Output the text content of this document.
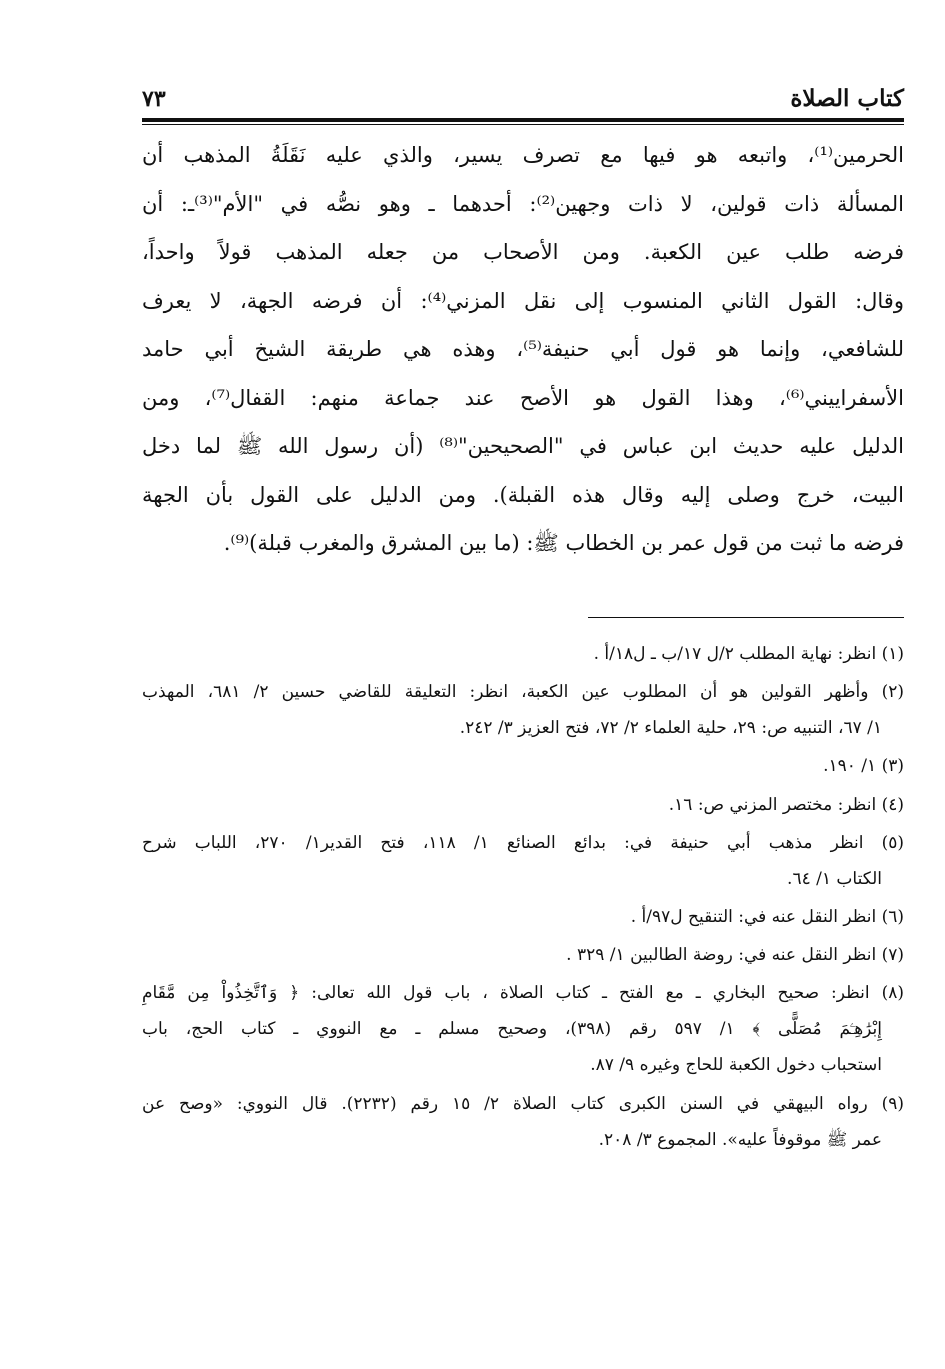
كتاب الصلاة
٧٣
الحرمين⁽¹⁾، واتبعه هو فيها مع تصرف يسير، والذي عليه نَقَلَةُ المذهب أن
المسألة ذات قولين، لا ذات وجهين⁽²⁾: أحدهما ـ وهو نصُّه في "الأم"⁽³⁾ـ: أن
فرضه طلب عين الكعبة. ومن الأصحاب من جعله المذهب قولاً واحداً،
وقال: القول الثاني المنسوب إلى نقل المزني⁽⁴⁾: أن فرضه الجهة، لا يعرف
للشافعي، وإنما هو قول أبي حنيفة⁽⁵⁾، وهذه هي طريقة الشيخ أبي حامد
الأسفراييني⁽⁶⁾، وهذا القول هو الأصح عند جماعة منهم: القفال⁽⁷⁾، ومن
الدليل عليه حديث ابن عباس في "الصحيحين"⁽⁸⁾ (أن رسول الله ﷺ لما دخل
البيت، خرج وصلى إليه وقال هذه القبلة). ومن الدليل على القول بأن الجهة
فرضه ما ثبت من قول عمر بن الخطاب ﷺ: (ما بين المشرق والمغرب قبلة)⁽⁹⁾.
(١) انظر: نهاية المطلب ٢/ل ١٧/ب ـ ل١٨/أ .
(٢) وأظهر القولين هو أن المطلوب عين الكعبة، انظر: التعليقة للقاضي حسين ٢/ ٦٨١، المهذب
١/ ٦٧، التنبيه ص: ٢٩، حلية العلماء ٢/ ٧٢، فتح العزيز ٣/ ٢٤٢.
(٣) ١/ ١٩٠.
(٤) انظر: مختصر المزني ص: ١٦.
(٥) انظر مذهب أبي حنيفة في: بدائع الصنائع ١/ ١١٨، فتح القدير١/ ٢٧٠، اللباب شرح
الكتاب ١/ ٦٤.
(٦) انظر النقل عنه في: التنقيح ل٩٧/أ .
(٧) انظر النقل عنه في: روضة الطالبين ١/ ٣٢٩ .
(٨) انظر: صحيح البخاري ـ مع الفتح ـ كتاب الصلاة ، باب قول الله تعالى: ﴿ وَٱتَّخِذُواْ مِن مَّقَامِ
إِبْرَٰهِـۧمَ مُصَلًّى ﴾ ١/ ٥٩٧ رقم (٣٩٨)، وصحيح مسلم ـ مع النووي ـ كتاب الحج، باب
استحباب دخول الكعبة للحاج وغيره ٩/ ٨٧.
(٩) رواه البيهقي في السنن الكبرى كتاب الصلاة ٢/ ١٥ رقم (٢٢٣٢). قال النووي: «وصح عن
عمر ﷺ موقوفاً عليه». المجموع ٣/ ٢٠٨.
